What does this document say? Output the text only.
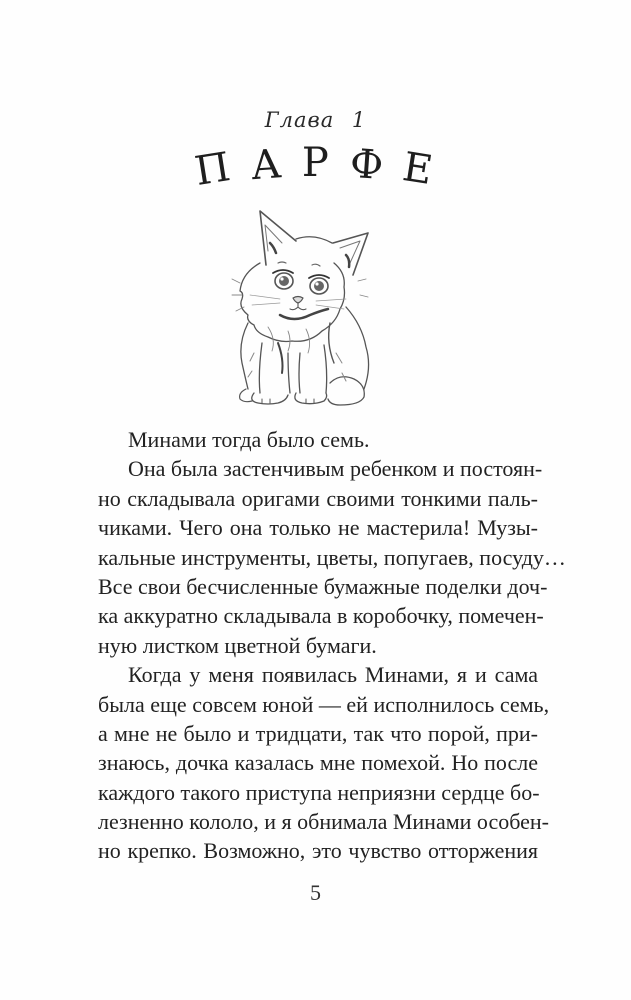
Глава 1
П А Р Ф Е
Минами тогда было семь.
Она была застенчивым ребенком и постоян-
но складывала оригами своими тонкими паль-
чиками. Чего она только не мастерила! Музы-
кальные инструменты, цветы, попугаев, посуду…
Все свои бесчисленные бумажные поделки доч-
ка аккуратно складывала в коробочку, помечен-
ную листком цветной бумаги.
Когда у меня появилась Минами, я и сама
была еще совсем юной — ей исполнилось семь,
а мне не было и тридцати, так что порой, при-
знаюсь, дочка казалась мне помехой. Но после
каждого такого приступа неприязни сердце бо-
лезненно кололо, и я обнимала Минами особен-
но крепко. Возможно, это чувство отторжения
5
